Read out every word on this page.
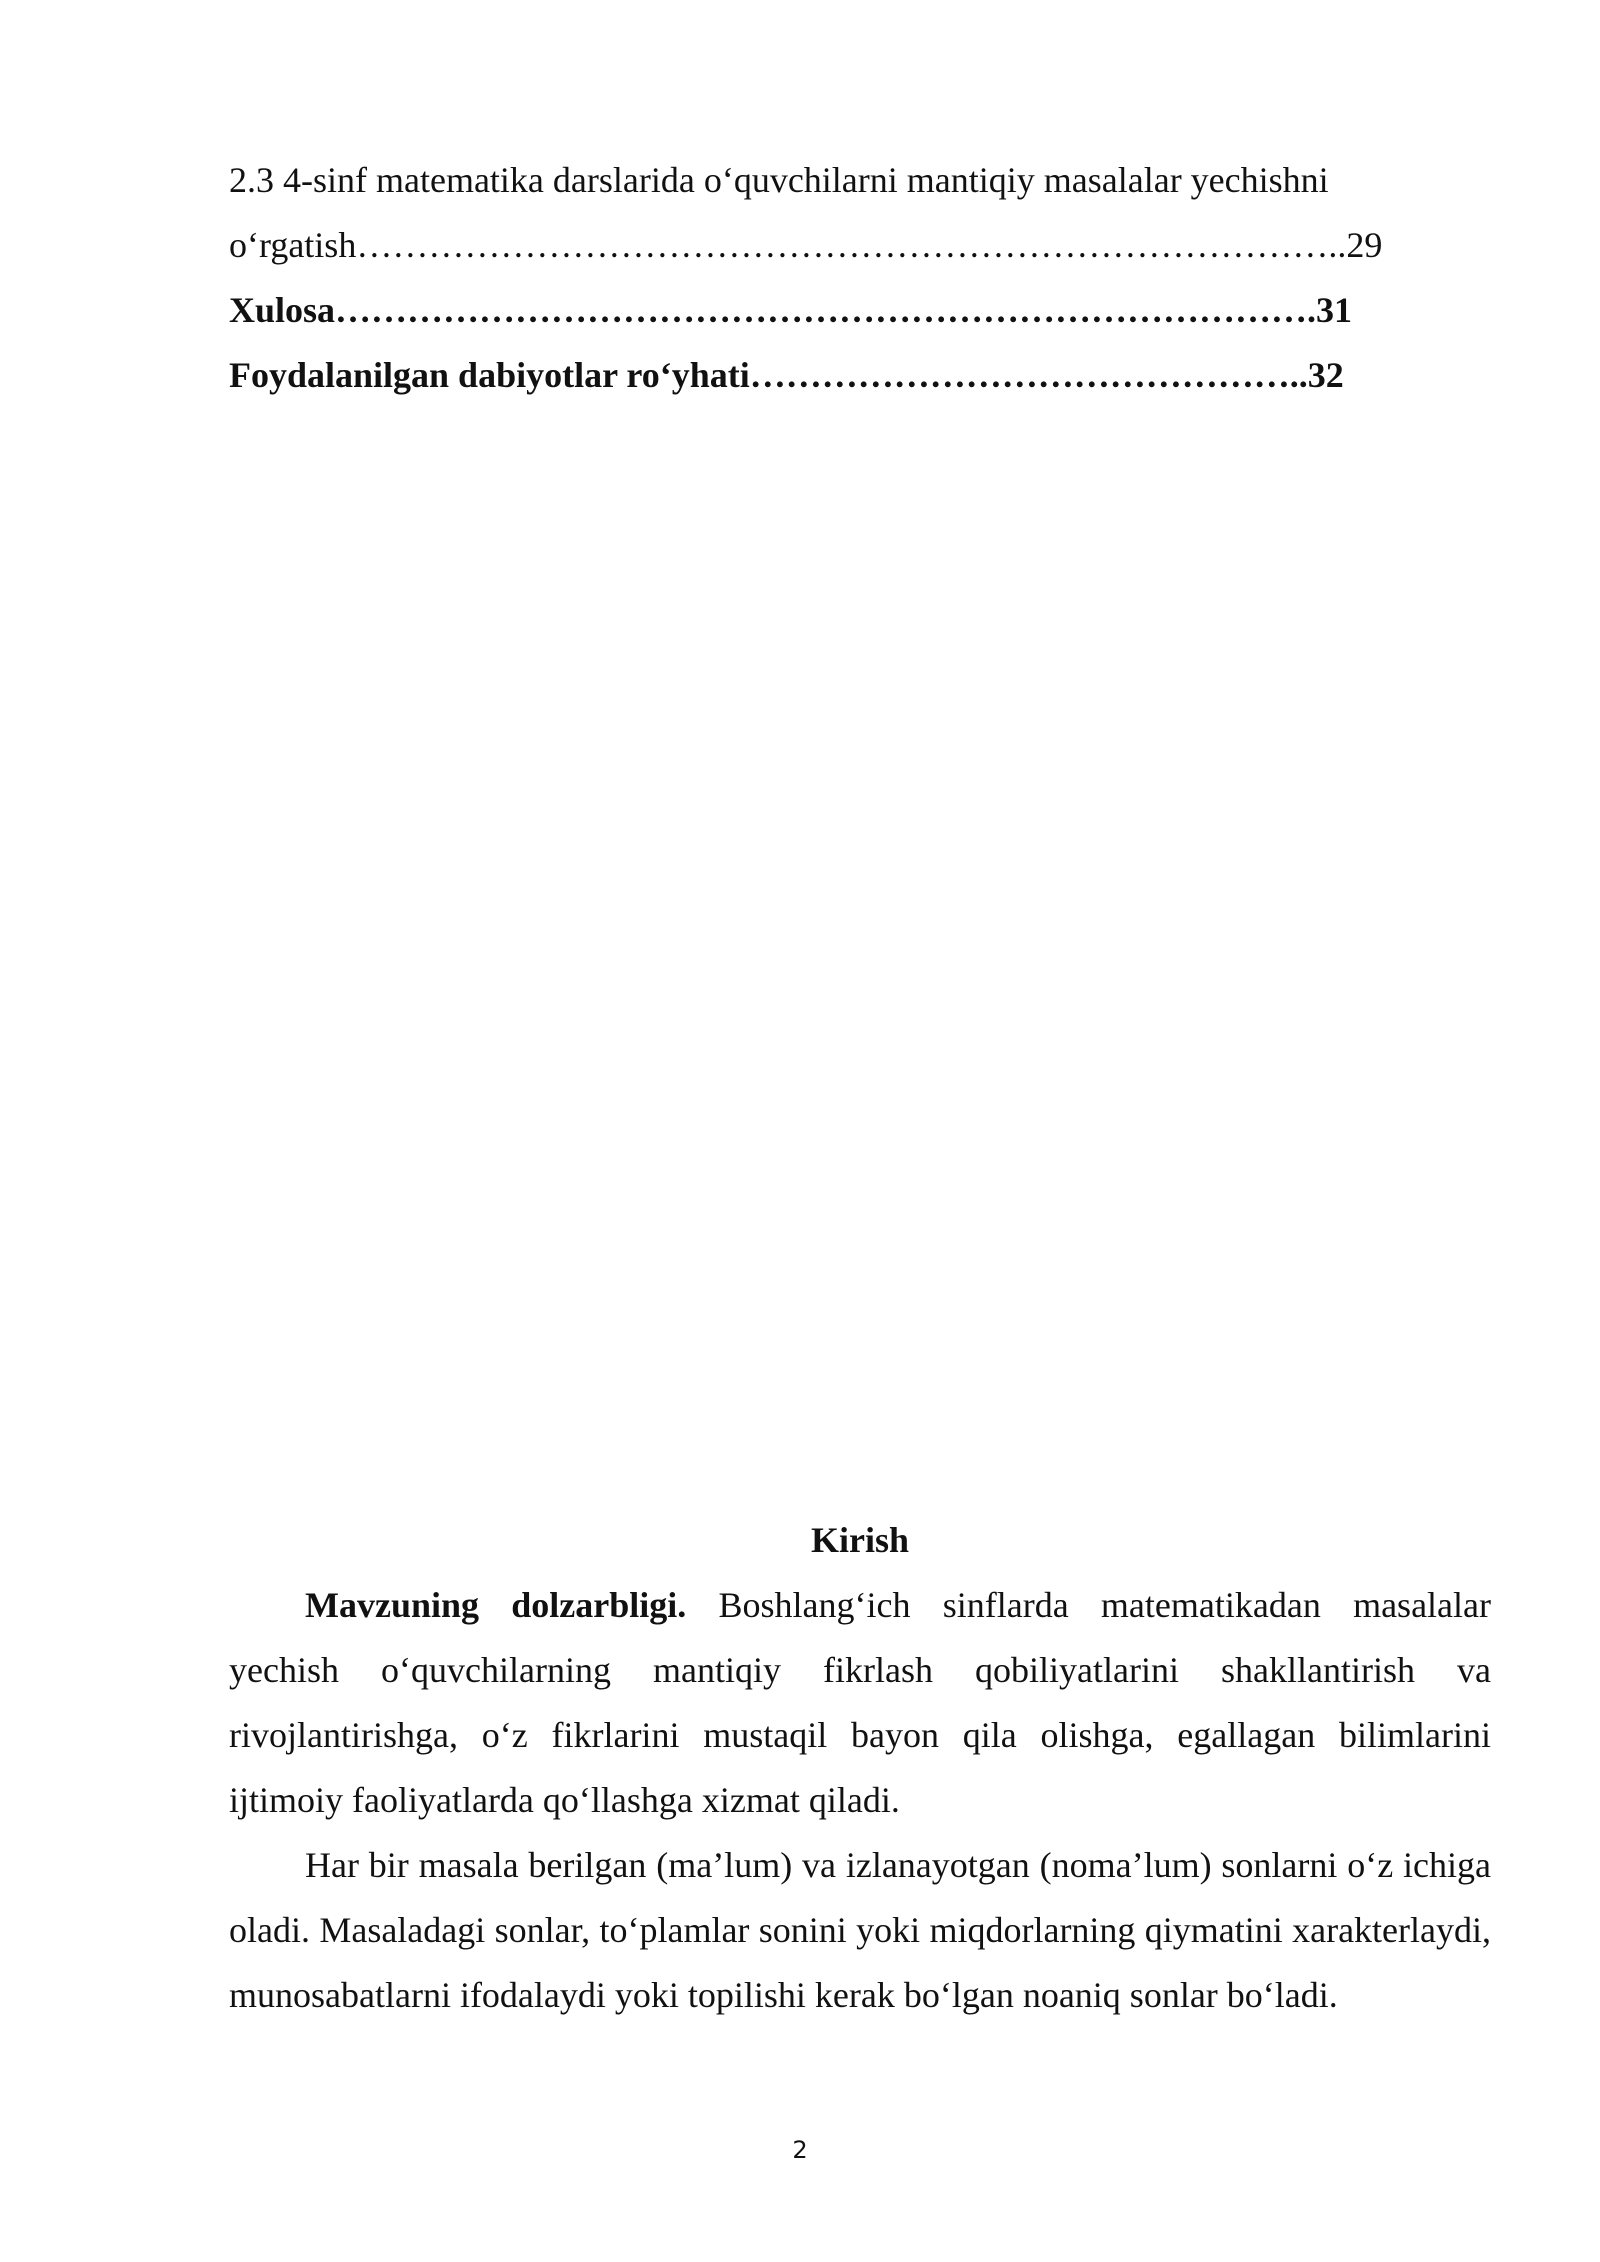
2.3 4-sinf matematika darslarida o‘quvchilarni mantiqiy masalalar yechishni
o‘rgatish………………………………………………………………………..29
Xulosa……………………………………………………………………….31
Foydalanilgan dabiyotlar ro‘yhati………………………………………..32

Kirish

Mavzuning dolzarbligi. Boshlang‘ich sinflarda matematikadan masalalar yechish o‘quvchilarning mantiqiy fikrlash qobiliyatlarini shakllantirish va rivojlantirishga, o‘z fikrlarini mustaqil bayon qila olishga, egallagan bilimlarini ijtimoiy faoliyatlarda qo‘llashga xizmat qiladi.

Har bir masala berilgan (ma’lum) va izlanayotgan (noma’lum) sonlarni o‘z ichiga oladi. Masaladagi sonlar, to‘plamlar sonini yoki miqdorlarning qiymatini xarakterlaydi, munosabatlarni ifodalaydi yoki topilishi kerak bo‘lgan noaniq sonlar bo‘ladi.

2
